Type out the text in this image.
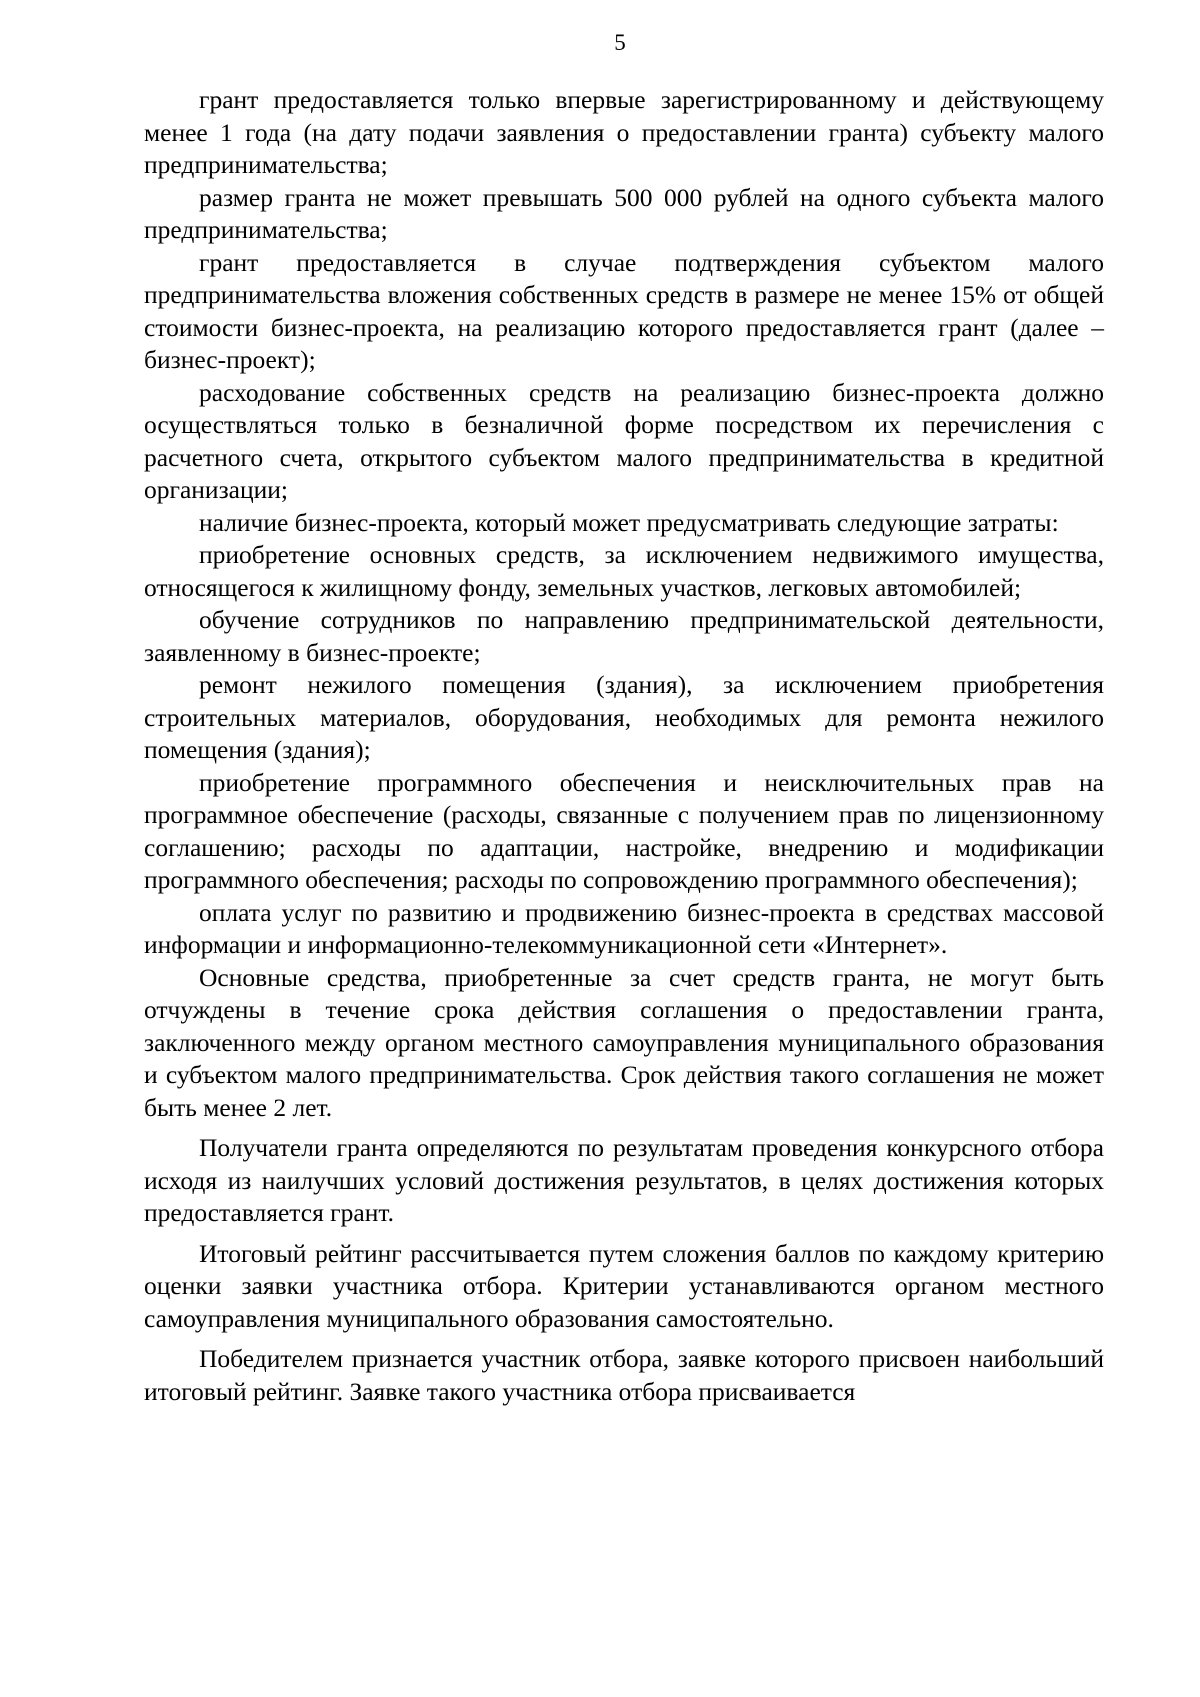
5

грант предоставляется только впервые зарегистрированному и действующему менее 1 года (на дату подачи заявления о предоставлении гранта) субъекту малого предпринимательства;

размер гранта не может превышать 500 000 рублей на одного субъекта малого предпринимательства;

грант предоставляется в случае подтверждения субъектом малого предпринимательства вложения собственных средств в размере не менее 15% от общей стоимости бизнес-проекта, на реализацию которого предоставляется грант (далее – бизнес-проект);

расходование собственных средств на реализацию бизнес-проекта должно осуществляться только в безналичной форме посредством их перечисления с расчетного счета, открытого субъектом малого предпринимательства в кредитной организации;

наличие бизнес-проекта, который может предусматривать следующие затраты:

приобретение основных средств, за исключением недвижимого имущества, относящегося к жилищному фонду, земельных участков, легковых автомобилей;

обучение сотрудников по направлению предпринимательской деятельности, заявленному в бизнес-проекте;

ремонт нежилого помещения (здания), за исключением приобретения строительных материалов, оборудования, необходимых для ремонта нежилого помещения (здания);

приобретение программного обеспечения и неисключительных прав на программное обеспечение (расходы, связанные с получением прав по лицензионному соглашению; расходы по адаптации, настройке, внедрению и модификации программного обеспечения; расходы по сопровождению программного обеспечения);

оплата услуг по развитию и продвижению бизнес-проекта в средствах массовой информации и информационно-телекоммуникационной сети «Интернет».

Основные средства, приобретенные за счет средств гранта, не могут быть отчуждены в течение срока действия соглашения о предоставлении гранта, заключенного между органом местного самоуправления муниципального образования и субъектом малого предпринимательства. Срок действия такого соглашения не может быть менее 2 лет.

Получатели гранта определяются по результатам проведения конкурсного отбора исходя из наилучших условий достижения результатов, в целях достижения которых предоставляется грант.

Итоговый рейтинг рассчитывается путем сложения баллов по каждому критерию оценки заявки участника отбора. Критерии устанавливаются органом местного самоуправления муниципального образования самостоятельно.

Победителем признается участник отбора, заявке которого присвоен наибольший итоговый рейтинг. Заявке такого участника отбора присваивается
